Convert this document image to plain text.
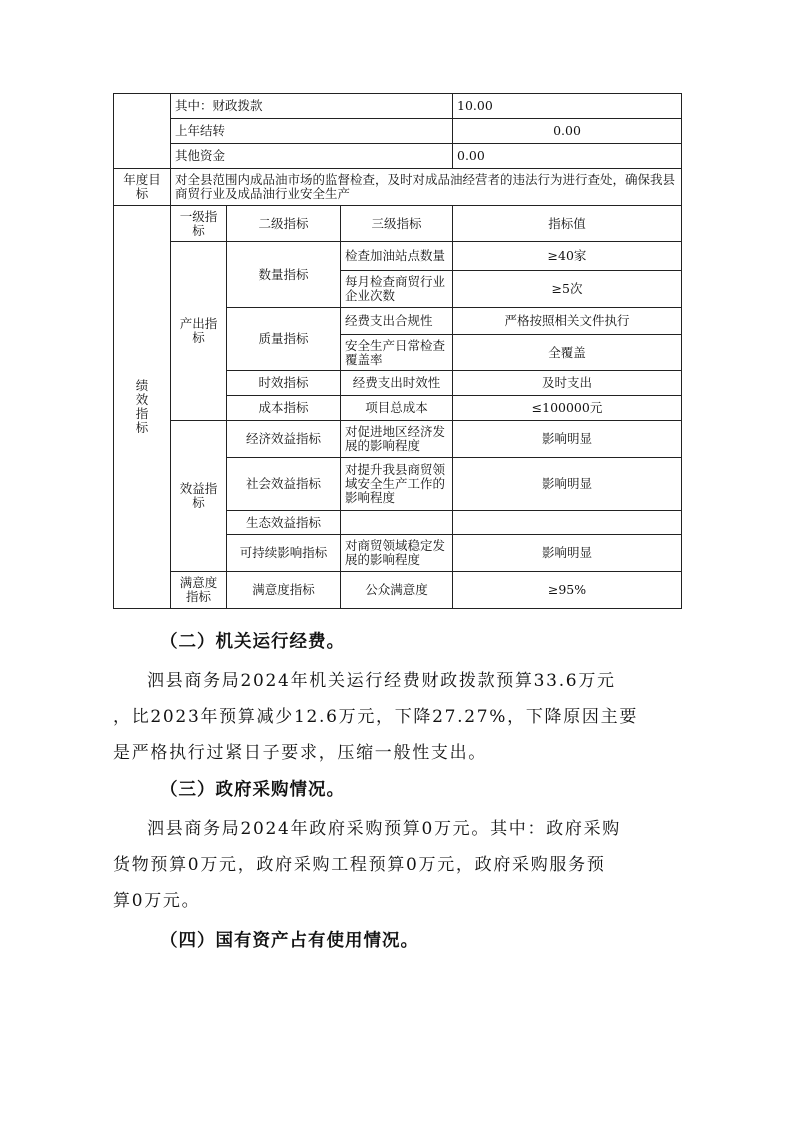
	其中：财政拨款			10.00
	上年结转			0.00
	其他资金			0.00
年度目标	对全县范围内成品油市场的监督检查，及时对成品油经营者的违法行为进行查处，确保我县商贸行业及成品油行业安全生产			
绩效指标	一级指标	二级指标	三级指标	指标值
	产出指标	数量指标	检查加油站点数量	≥40家
			每月检查商贸行业企业次数	≥5次
		质量指标	经费支出合规性	严格按照相关文件执行
			安全生产日常检查覆盖率	全覆盖
		时效指标	经费支出时效性	及时支出
		成本指标	项目总成本	≤100000元
	效益指标	经济效益指标	对促进地区经济发展的影响程度	影响明显
		社会效益指标	对提升我县商贸领域安全生产工作的影响程度	影响明显
		生态效益指标		
		可持续影响指标	对商贸领域稳定发展的影响程度	影响明显
	满意度指标	满意度指标	公众满意度	≥95%
（二）机关运行经费。
泗县商务局2024年机关运行经费财政拨款预算33.6万元
，比2023年预算减少12.6万元，下降27.27%，下降原因主要
是严格执行过紧日子要求，压缩一般性支出。
（三）政府采购情况。
泗县商务局2024年政府采购预算0万元。其中：政府采购
货物预算0万元，政府采购工程预算0万元，政府采购服务预
算0万元。
（四）国有资产占有使用情况。
